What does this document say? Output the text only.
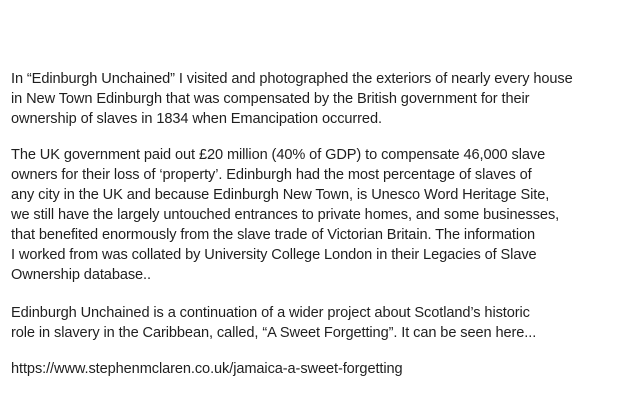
In “Edinburgh Unchained” I visited and photographed the exteriors of nearly every house
in New Town Edinburgh that was compensated by the British government for their
ownership of slaves in 1834 when Emancipation occurred.

The UK government paid out £20 million (40% of GDP) to compensate 46,000 slave
owners for their loss of ‘property’. Edinburgh had the most percentage of slaves of
any city in the UK and because Edinburgh New Town, is Unesco Word Heritage Site,
we still have the largely untouched entrances to private homes, and some businesses,
that benefited enormously from the slave trade of Victorian Britain. The information
I worked from was collated by University College London in their Legacies of Slave
Ownership database..

Edinburgh Unchained is a continuation of a wider project about Scotland’s historic
role in slavery in the Caribbean, called, “A Sweet Forgetting”. It can be seen here...

https://www.stephenmclaren.co.uk/jamaica-a-sweet-forgetting
